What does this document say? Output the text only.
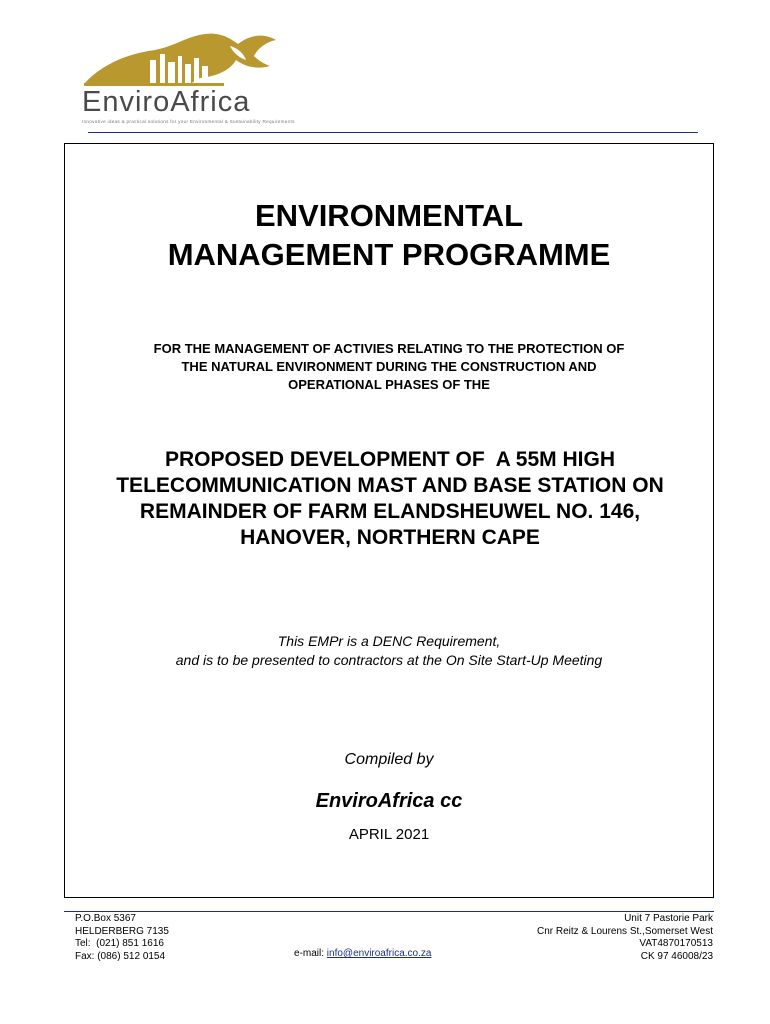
EnviroAfrica
Innovative ideas & practical solutions for your Environmental & Sustainability Requirements
ENVIRONMENTAL
MANAGEMENT PROGRAMME
FOR THE MANAGEMENT OF ACTIVIES RELATING TO THE PROTECTION OF
THE NATURAL ENVIRONMENT DURING THE CONSTRUCTION AND
OPERATIONAL PHASES OF THE
PROPOSED DEVELOPMENT OF  A 55M HIGH
TELECOMMUNICATION MAST AND BASE STATION ON
REMAINDER OF FARM ELANDSHEUWEL NO. 146,
HANOVER, NORTHERN CAPE
This EMPr is a DENC Requirement,
and is to be presented to contractors at the On Site Start-Up Meeting
Compiled by
EnviroAfrica cc
APRIL 2021
P.O.Box 5367
HELDERBERG 7135
Tel:  (021) 851 1616
Fax: (086) 512 0154	e-mail: info@enviroafrica.co.za
Unit 7 Pastorie Park
Cnr Reitz & Lourens St.,Somerset West
VAT4870170513
CK 97 46008/23
